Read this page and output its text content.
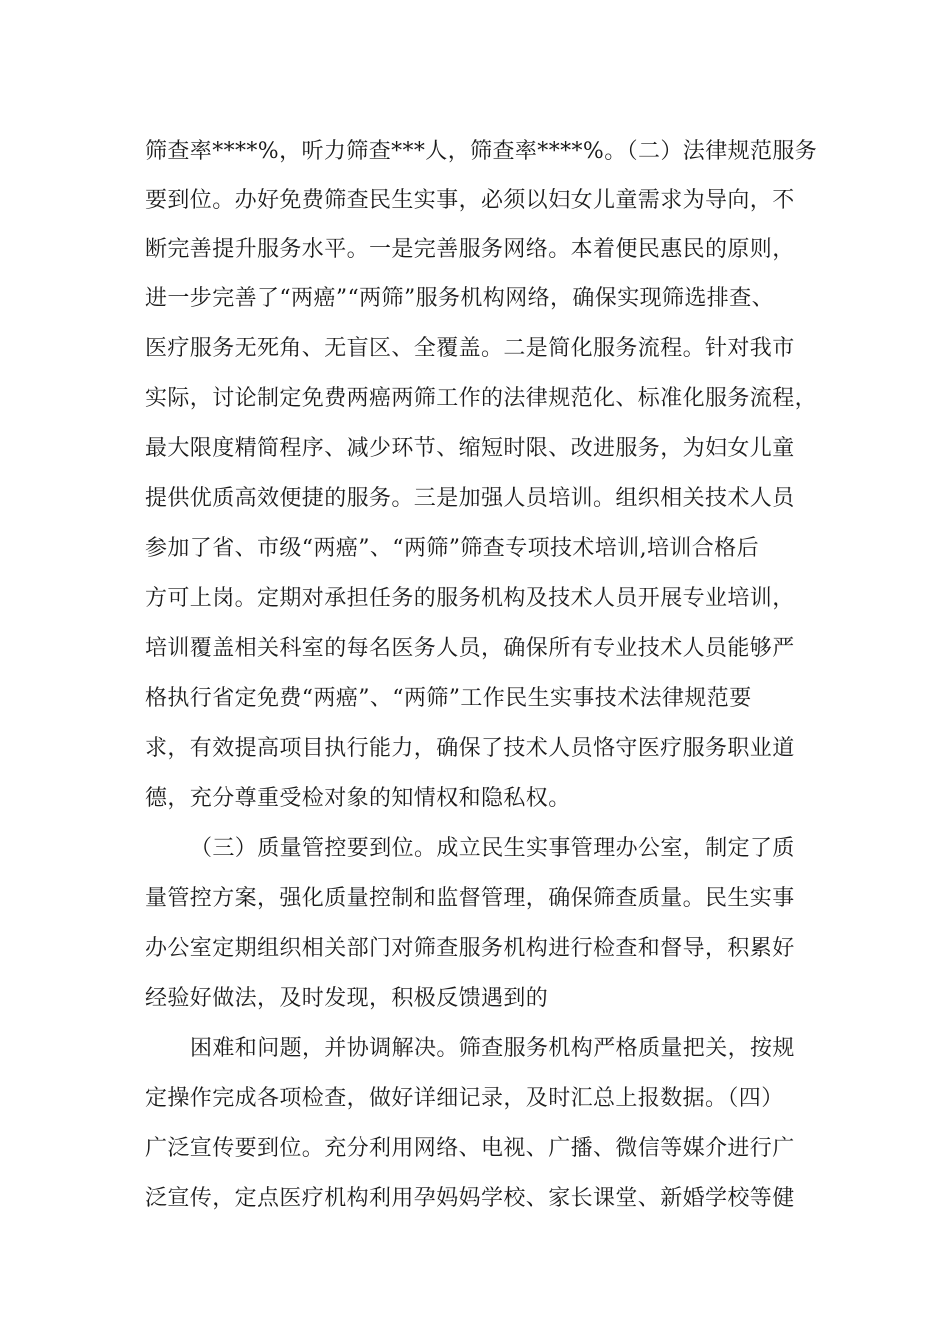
筛查率****%，听力筛查***人，筛查率****%。（二）法律规范服务
要到位。办好免费筛查民生实事，必须以妇女儿童需求为导向，不
断完善提升服务水平。一是完善服务网络。本着便民惠民的原则，
进一步完善了“两癌”“两筛”服务机构网络，确保实现筛选排查、
医疗服务无死角、无盲区、全覆盖。二是简化服务流程。针对我市
实际，讨论制定免费两癌两筛工作的法律规范化、标准化服务流程，
最大限度精简程序、减少环节、缩短时限、改进服务，为妇女儿童
提供优质高效便捷的服务。三是加强人员培训。组织相关技术人员
参加了省、市级“两癌”、“两筛”筛查专项技术培训,培训合格后
方可上岗。定期对承担任务的服务机构及技术人员开展专业培训，
培训覆盖相关科室的每名医务人员，确保所有专业技术人员能够严
格执行省定免费“两癌”、“两筛”工作民生实事技术法律规范要
求，有效提高项目执行能力，确保了技术人员恪守医疗服务职业道
德，充分尊重受检对象的知情权和隐私权。
（三）质量管控要到位。成立民生实事管理办公室，制定了质
量管控方案，强化质量控制和监督管理，确保筛查质量。民生实事
办公室定期组织相关部门对筛查服务机构进行检查和督导，积累好
经验好做法，及时发现，积极反馈遇到的
困难和问题，并协调解决。筛查服务机构严格质量把关，按规
定操作完成各项检查，做好详细记录，及时汇总上报数据。（四）
广泛宣传要到位。充分利用网络、电视、广播、微信等媒介进行广
泛宣传，定点医疗机构利用孕妈妈学校、家长课堂、新婚学校等健
